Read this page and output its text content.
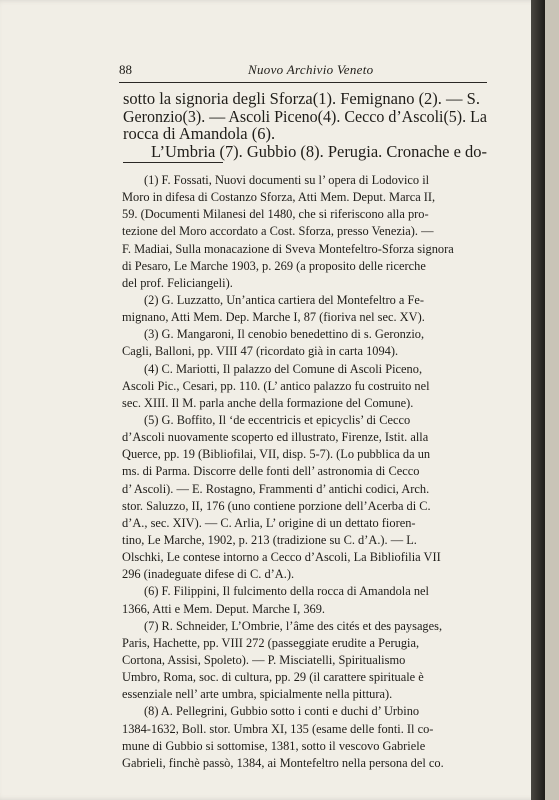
88	Nuovo Archivio Veneto
sotto la signoria degli Sforza(1). Femignano (2). — S.
Geronzio(3). — Ascoli Piceno(4). Cecco d’Ascoli(5). La
rocca di Amandola (6).
L’Umbria (7). Gubbio (8). Perugia. Cronache e do-
(1) F. Fossati, Nuovi documenti su l’ opera di Lodovico il
Moro in difesa di Costanzo Sforza, Atti Mem. Deput. Marca II,
59. (Documenti Milanesi del 1480, che si riferiscono alla pro-
tezione del Moro accordato a Cost. Sforza, presso Venezia). —
F. Madiai, Sulla monacazione di Sveva Montefeltro-Sforza signora
di Pesaro, Le Marche 1903, p. 269 (a proposito delle ricerche
del prof. Feliciangeli).
(2) G. Luzzatto, Un’antica cartiera del Montefeltro a Fe-
mignano, Atti Mem. Dep. Marche I, 87 (fioriva nel sec. XV).
(3) G. Mangaroni, Il cenobio benedettino di s. Geronzio,
Cagli, Balloni, pp. VIII 47 (ricordato già in carta 1094).
(4) C. Mariotti, Il palazzo del Comune di Ascoli Piceno,
Ascoli Pic., Cesari, pp. 110. (L’ antico palazzo fu costruito nel
sec. XIII. Il M. parla anche della formazione del Comune).
(5) G. Boffito, Il ‘de eccentricis et epicyclis’ di Cecco
d’Ascoli nuovamente scoperto ed illustrato, Firenze, Istit. alla
Querce, pp. 19 (Bibliofilai, VII, disp. 5-7). (Lo pubblica da un
ms. di Parma. Discorre delle fonti dell’ astronomia di Cecco
d’ Ascoli). — E. Rostagno, Frammenti d’ antichi codici, Arch.
stor. Saluzzo, II, 176 (uno contiene porzione dell’Acerba di C.
d’A., sec. XIV). — C. Arlia, L’ origine di un dettato fioren-
tino, Le Marche, 1902, p. 213 (tradizione su C. d’A.). — L.
Olschki, Le contese intorno a Cecco d’Ascoli, La Bibliofilia VII
296 (inadeguate difese di C. d’A.).
(6) F. Filippini, Il fulcimento della rocca di Amandola nel
1366, Atti e Mem. Deput. Marche I, 369.
(7) R. Schneider, L’Ombrie, l’âme des cités et des paysages,
Paris, Hachette, pp. VIII 272 (passeggiate erudite a Perugia,
Cortona, Assisi, Spoleto). — P. Misciatelli, Spiritualismo
Umbro, Roma, soc. di cultura, pp. 29 (il carattere spirituale è
essenziale nell’ arte umbra, spicialmente nella pittura).
(8) A. Pellegrini, Gubbio sotto i conti e duchi d’ Urbino
1384-1632, Boll. stor. Umbra XI, 135 (esame delle fonti. Il co-
mune di Gubbio si sottomise, 1381, sotto il vescovo Gabriele
Gabrieli, finchè passò, 1384, ai Montefeltro nella persona del co.
